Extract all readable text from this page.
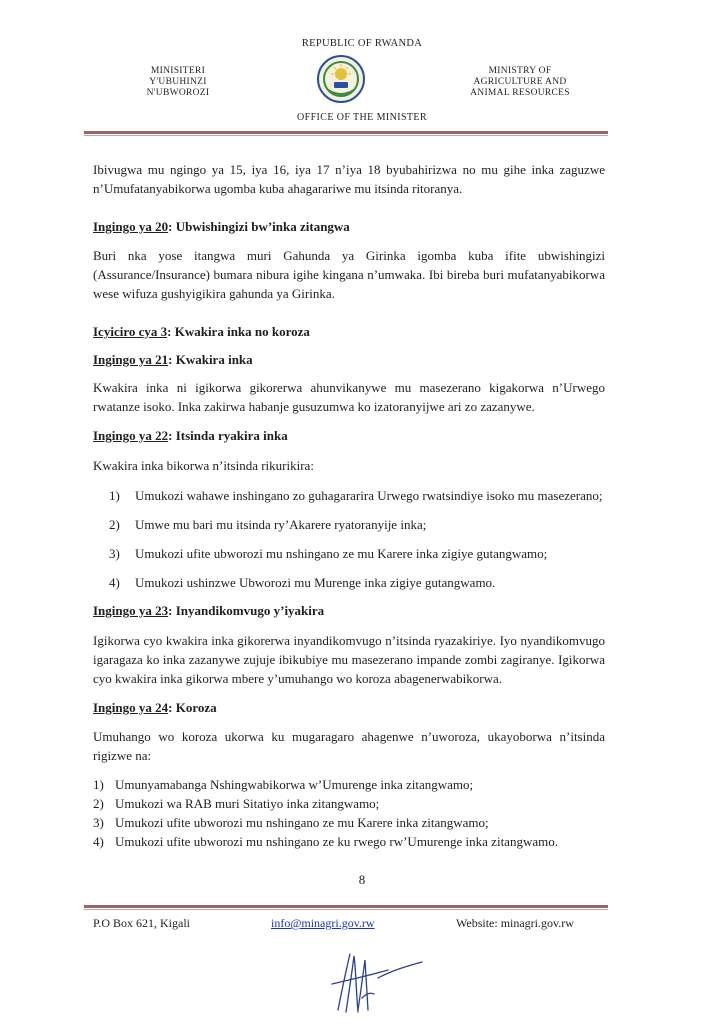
REPUBLIC OF RWANDA
MINISITERI
Y'UBUHINZI
N'UBWOROZI
MINISTRY OF
AGRICULTURE AND
ANIMAL RESOURCES
OFFICE OF THE MINISTER

Ibivugwa mu ngingo ya 15, iya 16, iya 17 n’iya 18 byubahirizwa no mu gihe inka zaguzwe n’Umufatanyabikorwa ugomba kuba ahagarariwe mu itsinda ritoranya.

Ingingo ya 20: Ubwishingizi bw’inka zitangwa

Buri nka yose itangwa muri Gahunda ya Girinka igomba kuba ifite ubwishingizi (Assurance/Insurance) bumara nibura igihe kingana n’umwaka. Ibi bireba buri mufatanyabikorwa wese wifuza gushyigikira gahunda ya Girinka.

Icyiciro cya 3: Kwakira inka no koroza

Ingingo ya 21: Kwakira inka

Kwakira inka ni igikorwa gikorerwa ahunvikanywe mu masezerano kigakorwa n’Urwego rwatanze isoko. Inka zakirwa habanje gusuzumwa ko izatoranyijwe ari zo zazanywe.

Ingingo ya 22: Itsinda ryakira inka

Kwakira inka bikorwa n’itsinda rikurikira:

1)	Umukozi wahawe inshingano zo guhagararira Urwego rwatsindiye isoko mu masezerano;
2)	Umwe mu bari mu itsinda ry’Akarere ryatoranyije inka;
3)	Umukozi ufite ubworozi mu nshingano ze mu Karere inka zigiye gutangwamo;
4)	Umukozi ushinzwe Ubworozi mu Murenge inka zigiye gutangwamo.

Ingingo ya 23: Inyandikomvugo y’iyakira

Igikorwa cyo kwakira inka gikorerwa inyandikomvugo n’itsinda ryazakiriye. Iyo nyandikomvugo igaragaza ko inka zazanywe zujuje ibikubiye mu masezerano impande zombi zagiranye. Igikorwa cyo kwakira inka gikorwa mbere y’umuhango wo koroza abagenerwabikorwa.

Ingingo ya 24: Koroza

Umuhango wo koroza ukorwa ku mugaragaro ahagenwe n’uworoza, ukayoborwa n’itsinda rigizwe na:

1) Umunyamabanga Nshingwabikorwa w’Umurenge inka zitangwamo;
2) Umukozi wa RAB muri Sitatiyo inka zitangwamo;
3) Umukozi ufite ubworozi mu nshingano ze mu Karere inka zitangwamo;
4) Umukozi ufite ubworozi mu nshingano ze ku rwego rw’Umurenge inka zitangwamo.
8
P.O Box 621, Kigali	info@minagri.gov.rw	Website: minagri.gov.rw
